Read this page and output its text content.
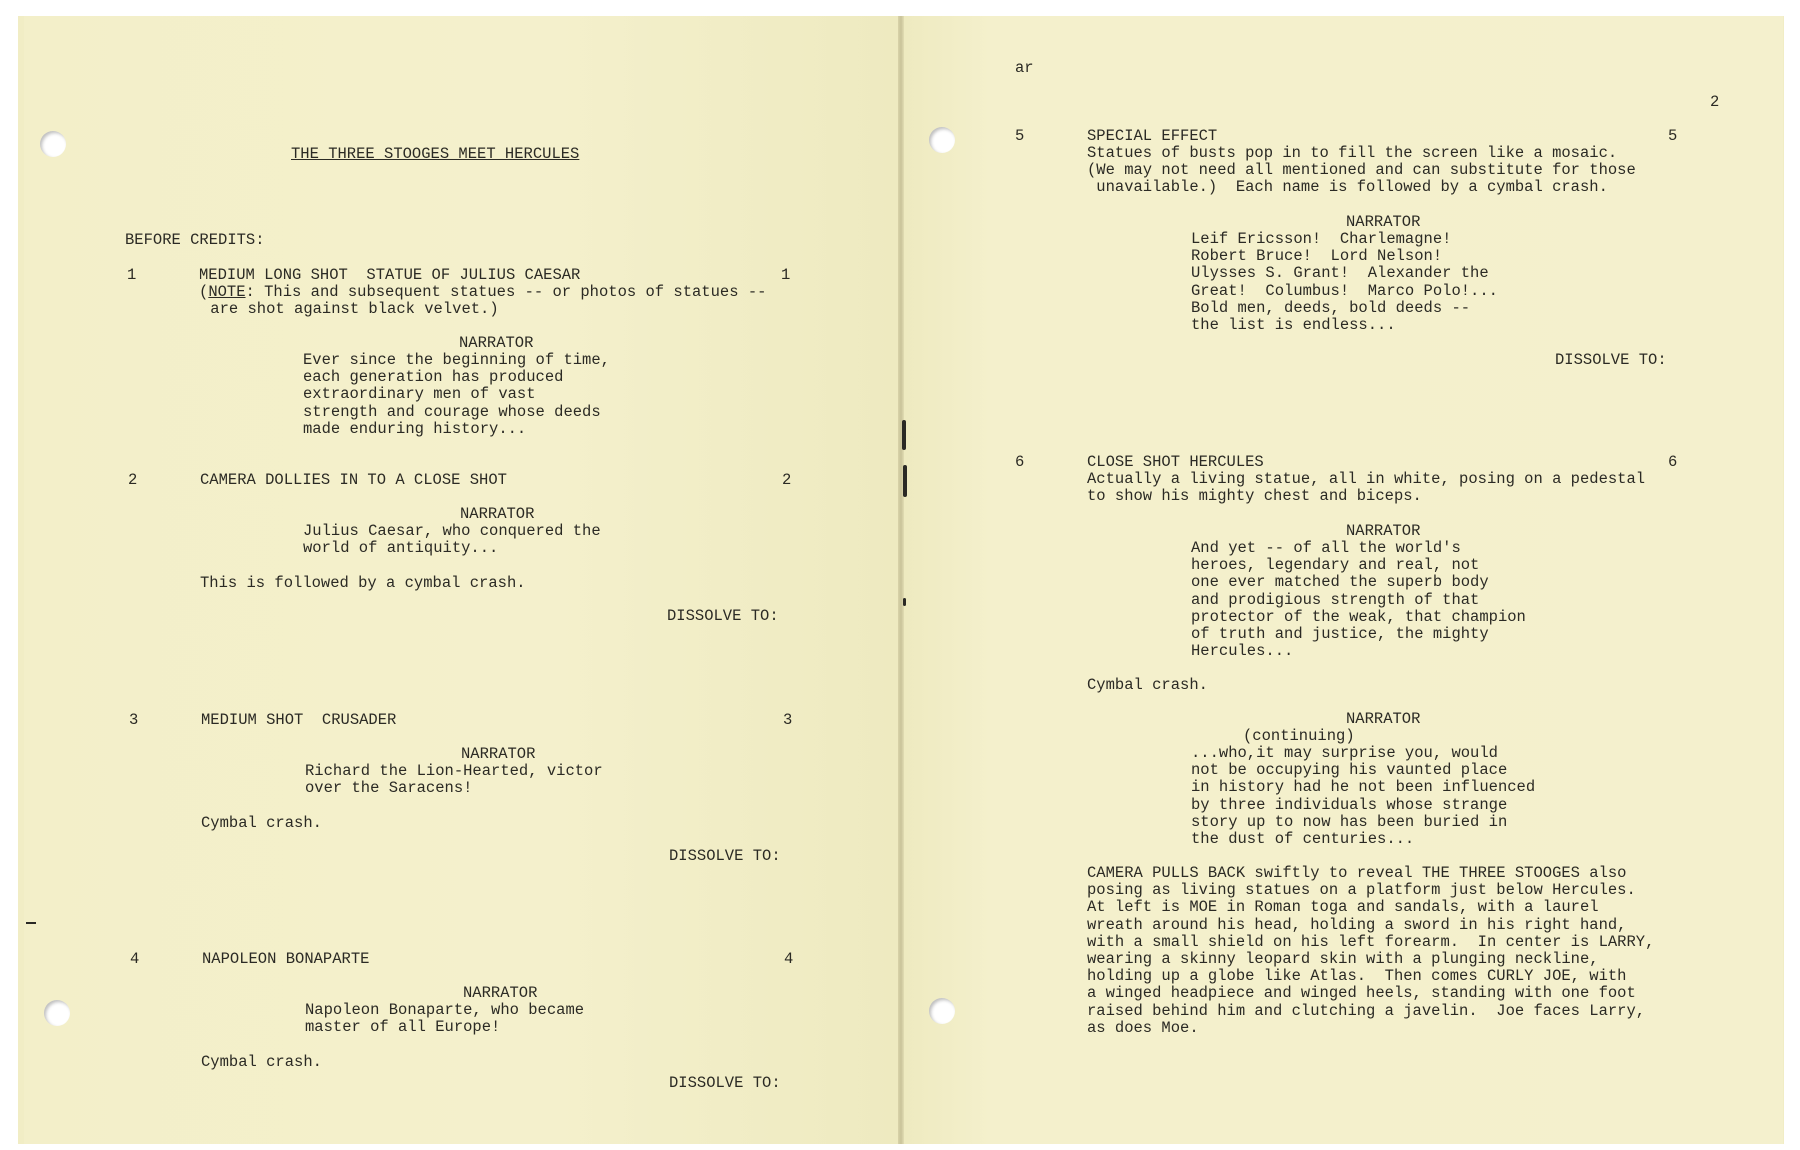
THE THREE STOOGES MEET HERCULES

BEFORE CREDITS:

1	MEDIUM LONG SHOT  STATUE OF JULIUS CAESAR	1

(NOTE: This and subsequent statues -- or photos of statues --

are shot against black velvet.)

NARRATOR

Ever since the beginning of time,
each generation has produced
extraordinary men of vast
strength and courage whose deeds
made enduring history...

2	CAMERA DOLLIES IN TO A CLOSE SHOT	2

NARRATOR

Julius Caesar, who conquered the
world of antiquity...

This is followed by a cymbal crash.

DISSOLVE TO:

3	MEDIUM SHOT  CRUSADER	3

NARRATOR

Richard the Lion-Hearted, victor
over the Saracens!

Cymbal crash.

DISSOLVE TO:

4	NAPOLEON BONAPARTE	4

NARRATOR

Napoleon Bonaparte, who became
master of all Europe!

Cymbal crash.

DISSOLVE TO:

ar

2

5	SPECIAL EFFECT	5

Statues of busts pop in to fill the screen like a mosaic.
(We may not need all mentioned and can substitute for those
unavailable.)  Each name is followed by a cymbal crash.

NARRATOR

Leif Ericsson!  Charlemagne!
Robert Bruce!  Lord Nelson!
Ulysses S. Grant!  Alexander the
Great!  Columbus!  Marco Polo!...
Bold men, deeds, bold deeds --
the list is endless...

DISSOLVE TO:

6	CLOSE SHOT HERCULES	6

Actually a living statue, all in white, posing on a pedestal
to show his mighty chest and biceps.

NARRATOR

And yet -- of all the world's
heroes, legendary and real, not
one ever matched the superb body
and prodigious strength of that
protector of the weak, that champion
of truth and justice, the mighty
Hercules...

Cymbal crash.

NARRATOR

(continuing)

...who,it may surprise you, would
not be occupying his vaunted place
in history had he not been influenced
by three individuals whose strange
story up to now has been buried in
the dust of centuries...

CAMERA PULLS BACK swiftly to reveal THE THREE STOOGES also
posing as living statues on a platform just below Hercules.
At left is MOE in Roman toga and sandals, with a laurel
wreath around his head, holding a sword in his right hand,
with a small shield on his left forearm.  In center is LARRY,
wearing a skinny leopard skin with a plunging neckline,
holding up a globe like Atlas.  Then comes CURLY JOE, with
a winged headpiece and winged heels, standing with one foot
raised behind him and clutching a javelin.  Joe faces Larry,
as does Moe.
